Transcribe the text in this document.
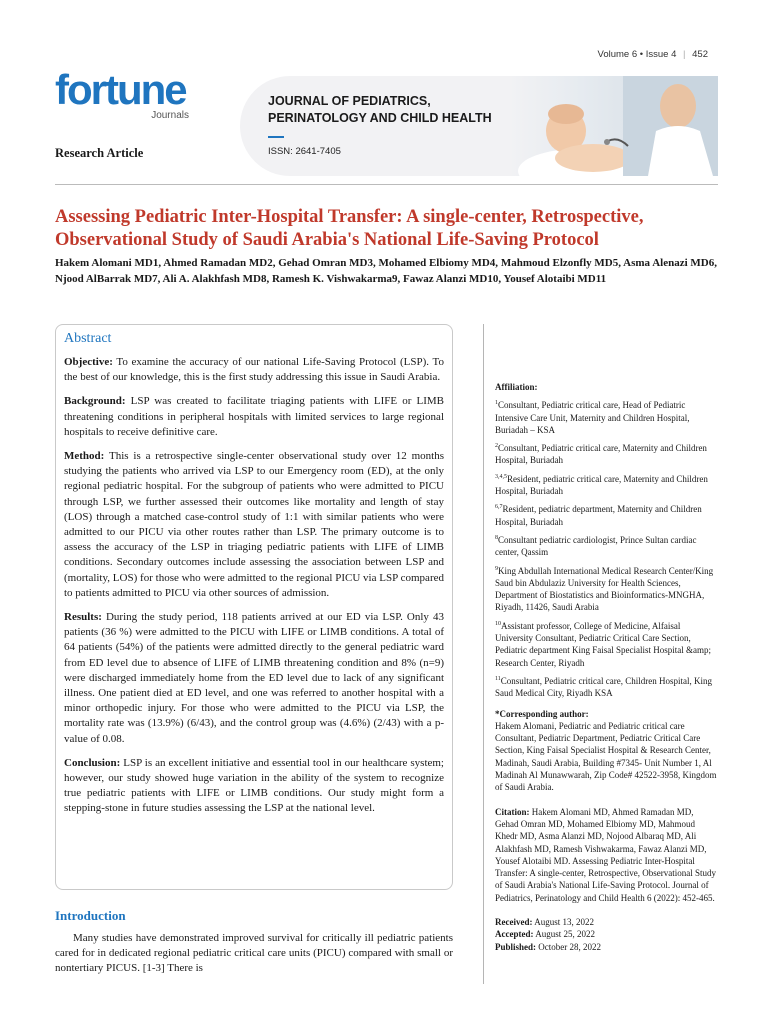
Volume 6 • Issue 4 | 452
fortune
Journals
Research Article
JOURNAL OF PEDIATRICS,
PERINATOLOGY AND CHILD HEALTH
ISSN: 2641-7405
Assessing Pediatric Inter-Hospital Transfer: A single-center, Retrospective, Observational Study of Saudi Arabia's National Life-Saving Protocol
Hakem Alomani MD1, Ahmed Ramadan MD2, Gehad Omran MD3, Mohamed Elbiomy MD4, Mahmoud Elzonfly MD5, Asma Alenazi MD6, Njood AlBarrak MD7, Ali A. Alakhfash MD8, Ramesh K. Vishwakarma9, Fawaz Alanzi MD10, Yousef Alotaibi MD11
Abstract

Objective: To examine the accuracy of our national Life-Saving Protocol (LSP). To the best of our knowledge, this is the first study addressing this issue in Saudi Arabia.

Background: LSP was created to facilitate triaging patients with LIFE or LIMB threatening conditions in peripheral hospitals with limited services to large regional hospitals to receive definitive care.

Method: This is a retrospective single-center observational study over 12 months studying the patients who arrived via LSP to our Emergency room (ED), at the only regional pediatric hospital. For the subgroup of patients who were admitted to PICU through LSP, we further assessed their outcomes like mortality and length of stay (LOS) through a matched case-control study of 1:1 with similar patients who were admitted to our PICU via other routes rather than LSP. The primary outcome is to assess the accuracy of the LSP in triaging pediatric patients with LIFE of LIMB conditions. Secondary outcomes include assessing the association between LSP and (mortality, LOS) for those who were admitted to the regional PICU via LSP compared to patients admitted to PICU via other sources of admission.

Results: During the study period, 118 patients arrived at our ED via LSP. Only 43 patients (36 %) were admitted to the PICU with LIFE or LIMB conditions. A total of 64 patients (54%) of the patients were admitted directly to the general pediatric ward from ED level due to absence of LIFE of LIMB threatening condition and 8% (n=9) were discharged immediately home from the ED level due to lack of any significant illness. One patient died at ED level, and one was referred to another hospital with a minor orthopedic injury. For those who were admitted to the PICU via LSP, the mortality rate was (13.9%) (6/43), and the control group was (4.6%) (2/43) with a p-value of 0.08.

Conclusion: LSP is an excellent initiative and essential tool in our healthcare system; however, our study showed huge variation in the ability of the system to recognize true pediatric patients with LIFE or LIMB conditions. Our study might form a stepping-stone in future studies assessing the LSP at the national level.

Introduction

Many studies have demonstrated improved survival for critically ill pediatric patients cared for in dedicated regional pediatric critical care units (PICU) compared with small or nontertiary PICUS. [1-3] There is

Affiliation:

$^1$Consultant, Pediatric critical care, Head of Pediatric Intensive Care Unit, Maternity and Children Hospital, Buriadah – KSA

$^2$Consultant, Pediatric critical care, Maternity and Children Hospital, Buriadah

$^{3,4,5}$Resident, pediatric critical care, Maternity and Children Hospital, Buriadah

$^{6,7}$Resident, pediatric department, Maternity and Children Hospital, Buriadah

$^8$Consultant pediatric cardiologist, Prince Sultan cardiac center, Qassim

$^9$King Abdullah International Medical Research Center/King Saud bin Abdulaziz University for Health Sciences, Department of Biostatistics and Bioinformatics-MNGHA, Riyadh, 11426, Saudi Arabia

$^{10}$Assistant professor, College of Medicine, Alfaisal University Consultant, Pediatric Critical Care Section, Pediatric department King Faisal Specialist Hospital &amp; Research Center, Riyadh

$^{11}$Consultant, Pediatric critical care, Children Hospital, King Saud Medical City, Riyadh KSA

*Corresponding author:
Hakem Alomani, Pediatric and Pediatric critical care Consultant, Pediatric Department, Pediatric Critical Care Section, King Faisal Specialist Hospital & Research Center, Madinah, Saudi Arabia, Building #7345- Unit Number 1, Al Madinah Al Munawwarah, Zip Code# 42522-3958, Kingdom of Saudi Arabia.
Citation: Hakem Alomani MD, Ahmed Ramadan MD, Gehad Omran MD, Mohamed Elbiomy MD, Mahmoud Khedr MD, Asma Alanzi MD, Nojood Albaraq MD, Ali Alakhfash MD, Ramesh Vishwakarma, Fawaz Alanzi MD, Yousef Alotaibi MD. Assessing Pediatric Inter-Hospital Transfer: A single-center, Retrospective, Observational Study of Saudi Arabia's National Life-Saving Protocol. Journal of Pediatrics, Perinatology and Child Health 6 (2022): 452-465.
Received: August 13, 2022
Accepted: August 25, 2022
Published: October 28, 2022
